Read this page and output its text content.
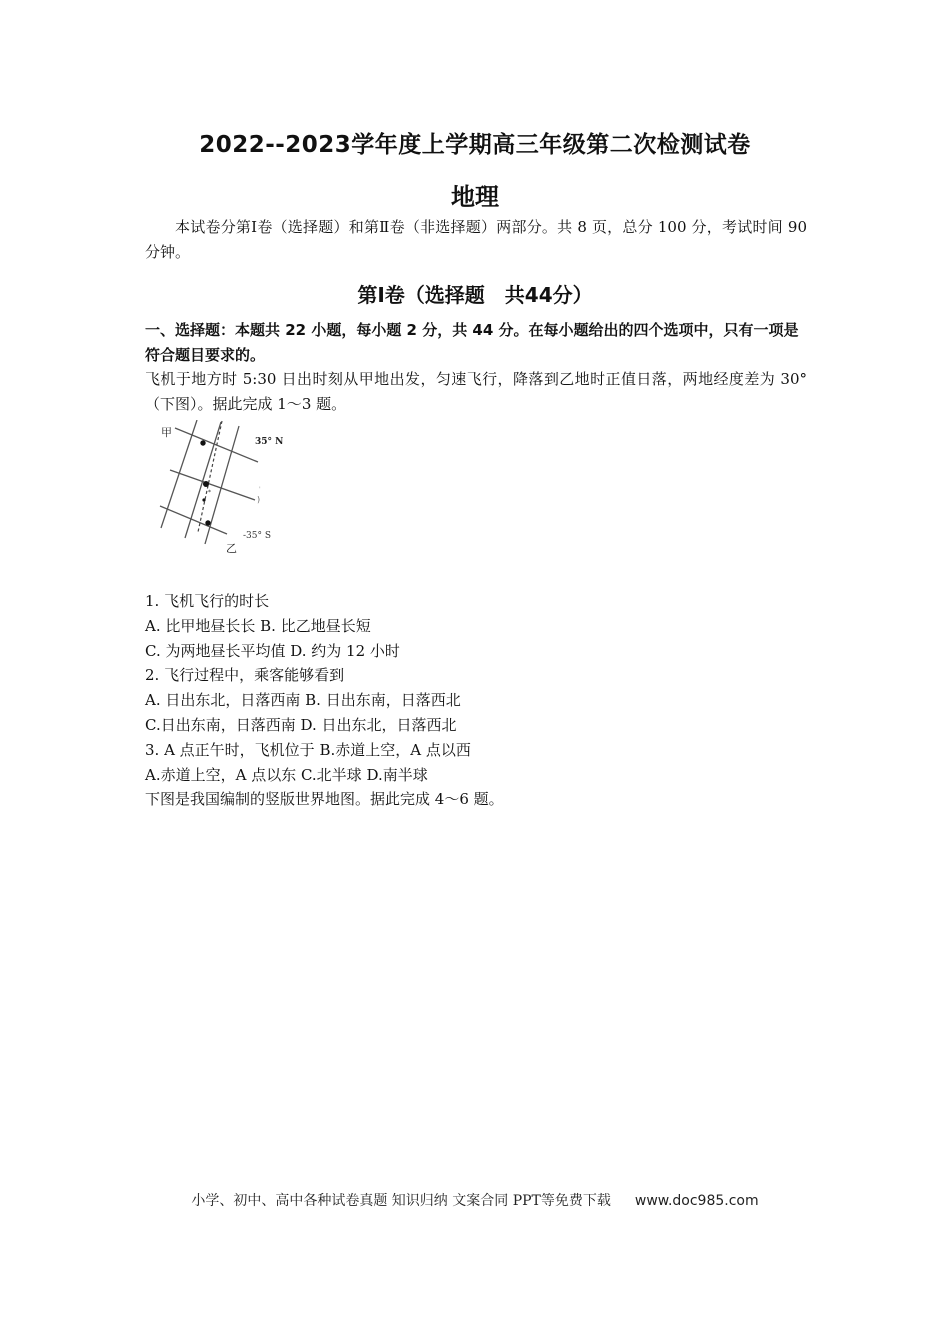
2022--2023学年度上学期高三年级第二次检测试卷
地理
本试卷分第Ⅰ卷（选择题）和第Ⅱ卷（非选择题）两部分。共 8 页，总分 100 分，考试时间 90 分钟。
第Ⅰ卷（选择题　共44分）
一、选择题：本题共 22 小题，每小题 2 分，共 44 分。在每小题给出的四个选项中，只有一项是符合题目要求的。
飞机于地方时 5:30 日出时刻从甲地出发，匀速飞行，降落到乙地时正值日落，两地经度差为 30°（下图）。据此完成 1～3 题。
*
)
'
甲
乙
35° N
-35° S
1. 飞机飞行的时长
A. 比甲地昼长长 B. 比乙地昼长短
C. 为两地昼长平均值 D. 约为 12 小时
2. 飞行过程中，乘客能够看到
A. 日出东北，日落西南 B. 日出东南，日落西北
C.日出东南，日落西南 D. 日出东北，日落西北
3. A 点正午时，飞机位于 B.赤道上空，A 点以西
A.赤道上空，A 点以东 C.北半球 D.南半球
下图是我国编制的竖版世界地图。据此完成 4～6 题。
小学、初中、高中各种试卷真题 知识归纳 文案合同 PPT等免费下载 www.doc985.com
